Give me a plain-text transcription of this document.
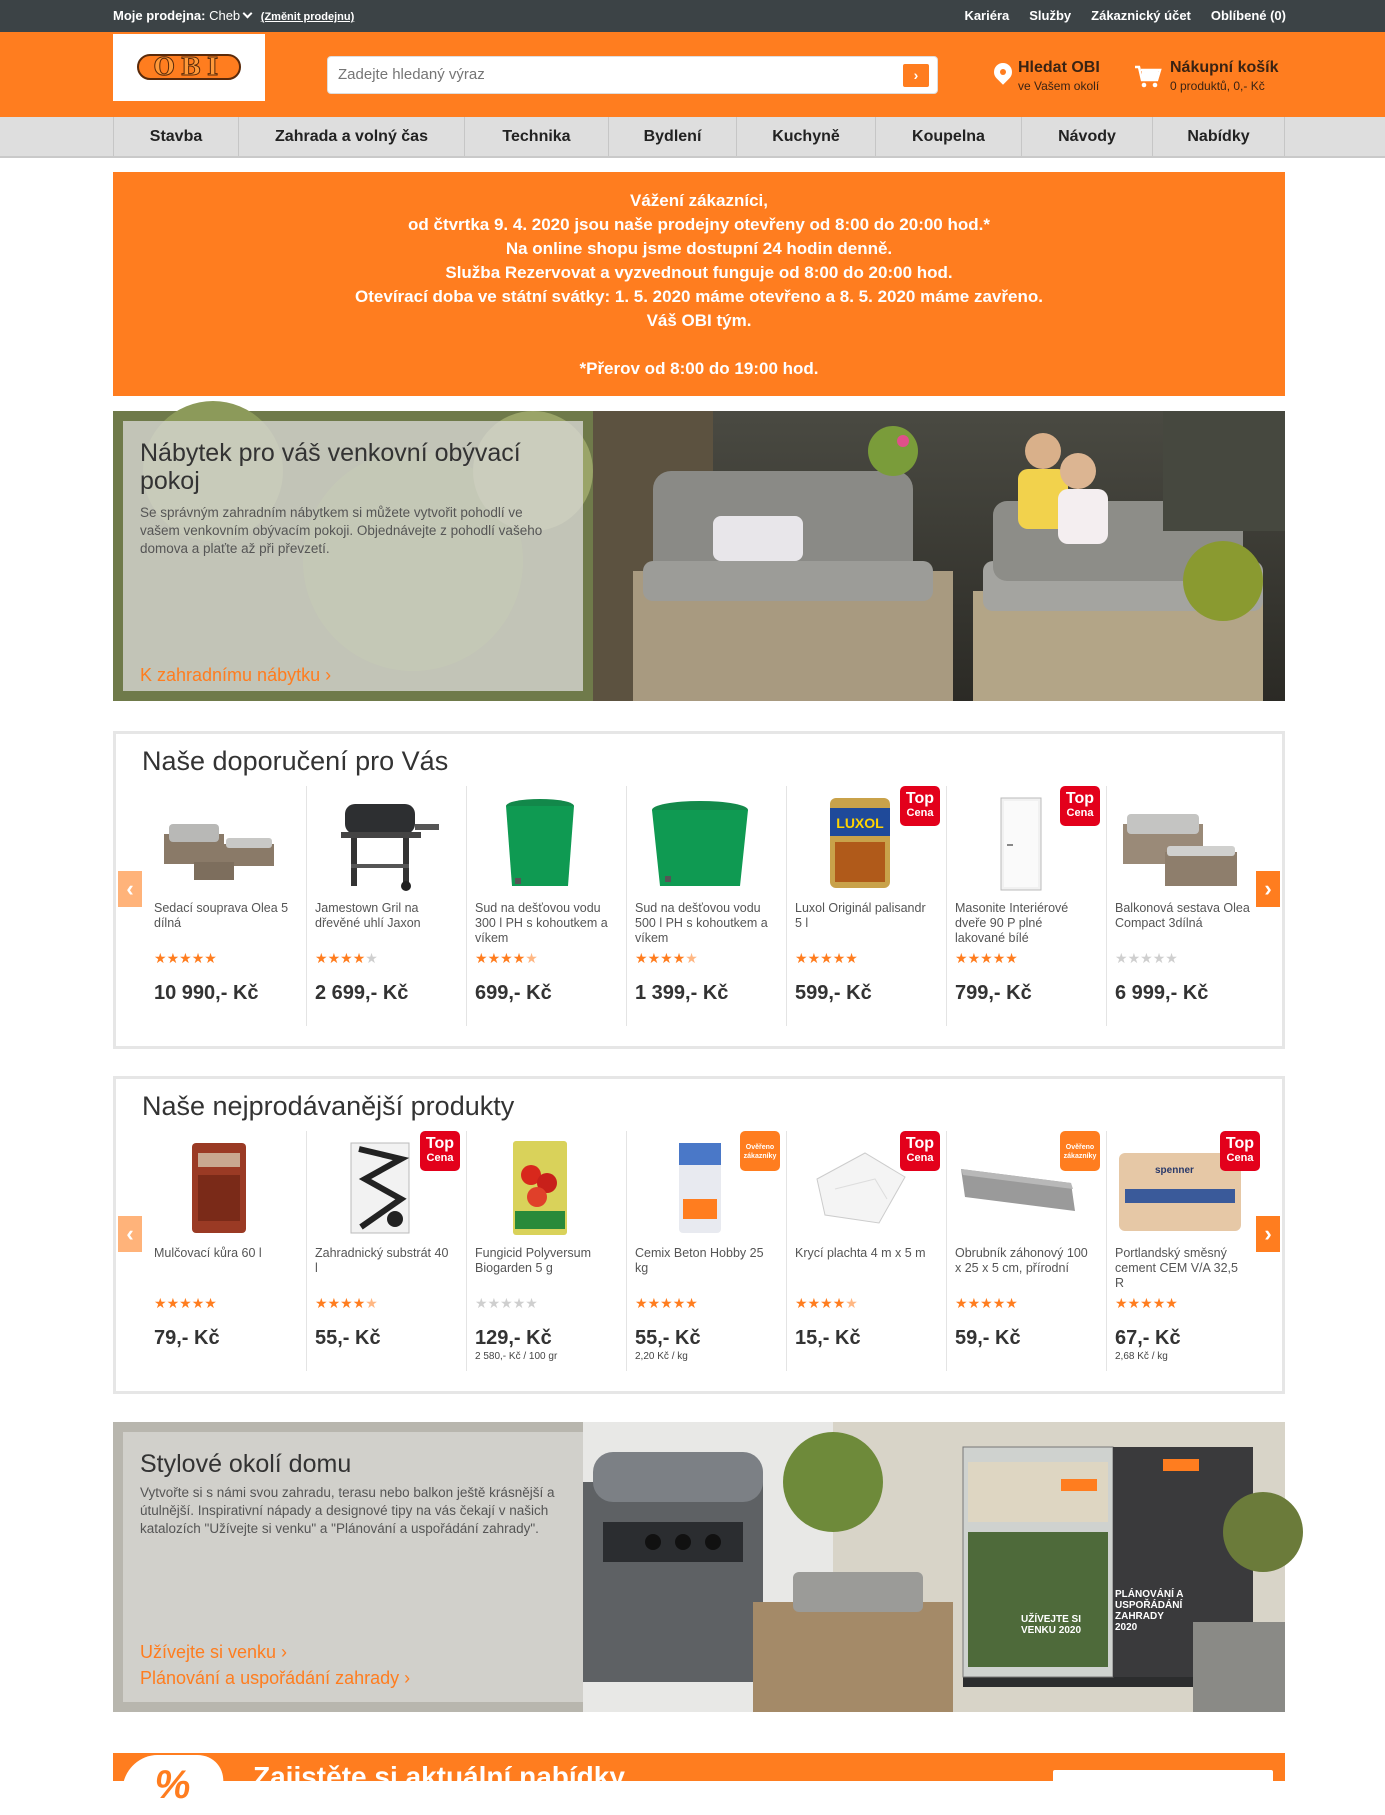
Moje prodejna: Cheb (Změnit prodejnu)	Kariéra Služby Zákaznický účet Oblíbené (0)
OBI
Zadejte hledaný výraz	›	Hledat OBI
ve Vašem okolí
Nákupní košík
0 produktů, 0,- Kč
Stavba	Zahrada a volný čas	Technika	Bydlení	Kuchyně	Koupelna	Návody	Nabídky

Vážení zákazníci,

od čtvrtka 9. 4. 2020 jsou naše prodejny otevřeny od 8:00 do 20:00 hod.*

Na online shopu jsme dostupní 24 hodin denně.

Služba Rezervovat a vyzvednout funguje od 8:00 do 20:00 hod.

Otevírací doba ve státní svátky: 1. 5. 2020 máme otevřeno a 8. 5. 2020 máme zavřeno.

Váš OBI tým.

*Přerov od 8:00 do 19:00 hod.

Nábytek pro váš venkovní obývací pokoj
Se správným zahradním nábytkem si můžete vytvořit pohodlí ve vašem venkovním obývacím pokoji. Objednávejte z pohodlí vašeho domova a plaťte až při převzetí.
K zahradnímu nábytku ›
Naše doporučení pro Vás
‹	›
Sedací souprava Olea 5 dílná
★★★★★
10 990,- Kč
Jamestown Gril na dřevěné uhlí Jaxon
★★★★★
2 699,- Kč
Sud na dešťovou vodu 300 l PH s kohoutkem a víkem
★★★★★
699,- Kč
Sud na dešťovou vodu 500 l PH s kohoutkem a víkem
★★★★★
1 399,- Kč
LUXOL
Top
Cena
Luxol Originál palisandr 5 l
★★★★★
599,- Kč
Top
Cena
Masonite Interiérové dveře 90 P plné lakované bílé
★★★★★
799,- Kč
Balkonová sestava Olea Compact 3dílná
★★★★★
6 999,- Kč
Naše nejprodávanější produkty
‹	›
Mulčovací kůra 60 l
★★★★★
79,- Kč
Top
Cena
Zahradnický substrát 40 l
★★★★★
55,- Kč
Fungicid Polyversum Biogarden 5 g
★★★★★
129,- Kč
2 580,- Kč / 100 gr
Ověřeno zákazníky
Cemix Beton Hobby 25 kg
★★★★★
55,- Kč
2,20 Kč / kg
Top
Cena
Krycí plachta 4 m x 5 m
★★★★★
15,- Kč
Ověřeno zákazníky
Obrubník záhonový 100 x 25 x 5 cm, přírodní
★★★★★
59,- Kč
spenner
Top
Cena
Portlandský směsný cement CEM V/A 32,5 R
★★★★★
67,- Kč
2,68 Kč / kg
Stylové okolí domu
Vytvořte si s námi svou zahradu, terasu nebo balkon ještě krásnější a útulnější. Inspirativní nápady a designové tipy na vás čekají v našich katalozích "Užívejte si venku" a "Plánování a uspořádání zahrady".
Užívejte si venku ›
Plánování a uspořádání zahrady ›
UŽÍVEJTE SI VENKU 2020
PLÁNOVÁNÍ A USPOŘÁDÁNÍ ZAHRADY 2020
%	Zajistěte si aktuální nabídky
